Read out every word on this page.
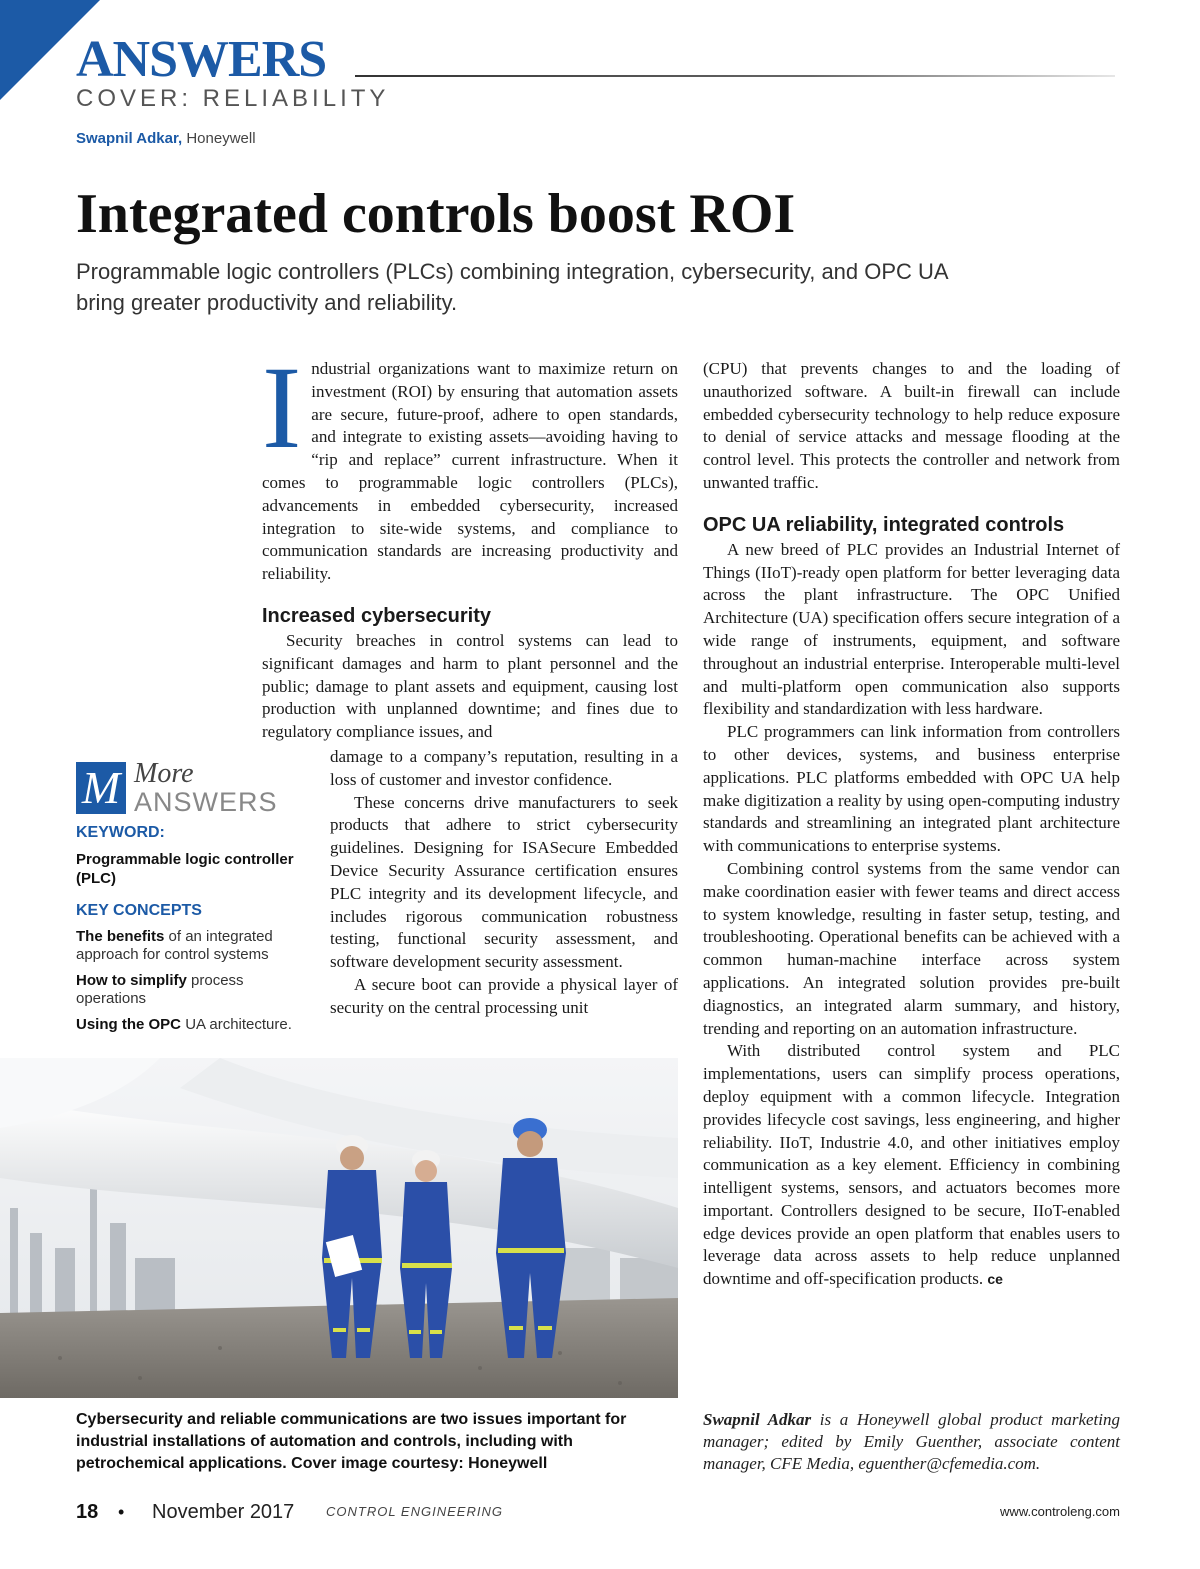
ANSWERS
COVER: RELIABILITY
Swapnil Adkar, Honeywell
Integrated controls boost ROI
Programmable logic controllers (PLCs) combining integration, cybersecurity, and OPC UA bring greater productivity and reliability.

Industrial organizations want to maximize return on investment (ROI) by ensuring that automation assets are secure, future-proof, adhere to open standards, and integrate to existing assets—avoiding having to “rip and replace” current infrastructure. When it comes to programmable logic controllers (PLCs), advancements in embedded cybersecurity, increased integration to site-wide systems, and compliance to communication standards are increasing productivity and reliability.

Increased cybersecurity

Security breaches in control systems can lead to significant damages and harm to plant personnel and the public; damage to plant assets and equipment, causing lost production with unplanned downtime; and fines due to regulatory compliance issues, and

damage to a company’s reputation, resulting in a loss of customer and investor confidence.

These concerns drive manufacturers to seek products that adhere to strict cybersecurity guidelines. Designing for ISASecure Embedded Device Security Assurance certification ensures PLC integrity and its development lifecycle, and includes rigorous communication robustness testing, functional security assessment, and software development security assessment.

A secure boot can provide a physical layer of security on the central processing unit

(CPU) that prevents changes to and the loading of unauthorized software. A built-in firewall can include embedded cybersecurity technology to help reduce exposure to denial of service attacks and message flooding at the control level. This protects the controller and network from unwanted traffic.

OPC UA reliability, integrated controls

A new breed of PLC provides an Industrial Internet of Things (IIoT)-ready open platform for better leveraging data across the plant infrastructure. The OPC Unified Architecture (UA) specification offers secure integration of a wide range of instruments, equipment, and software throughout an industrial enterprise. Interoperable multi-level and multi-platform open communication also supports flexibility and standardization with less hardware.

PLC programmers can link information from controllers to other devices, systems, and business enterprise applications. PLC platforms embedded with OPC UA help make digitization a reality by using open-computing industry standards and streamlining an integrated plant architecture with communications to enterprise systems.

Combining control systems from the same vendor can make coordination easier with fewer teams and direct access to system knowledge, resulting in faster setup, testing, and troubleshooting. Operational benefits can be achieved with a common human-machine interface across system applications. An integrated solution provides pre-built diagnostics, an integrated alarm summary, and history, trending and reporting on an automation infrastructure.

With distributed control system and PLC implementations, users can simplify process operations, deploy equipment with a common lifecycle. Integration provides lifecycle cost savings, less engineering, and higher reliability. IIoT, Industrie 4.0, and other initiatives employ communication as a key element. Efficiency in combining intelligent systems, sensors, and actuators becomes more important. Controllers designed to be secure, IIoT-enabled edge devices provide an open platform that enables users to leverage data across assets to help reduce unplanned downtime and off-specification products. ce

M More
ANSWERS
KEYWORD:
Programmable logic controller (PLC)
KEY CONCEPTS
The benefits of an integrated approach for control systems
How to simplify process operations
Using the OPC UA architecture.
Cybersecurity and reliable communications are two issues important for industrial installations of automation and controls, including with petrochemical applications. Cover image courtesy: Honeywell
Swapnil Adkar is a Honeywell global product marketing manager; edited by Emily Guenther, associate content manager, CFE Media, eguenther@cfemedia.com.
18 • November 2017 CONTROL ENGINEERING	www.controleng.com
